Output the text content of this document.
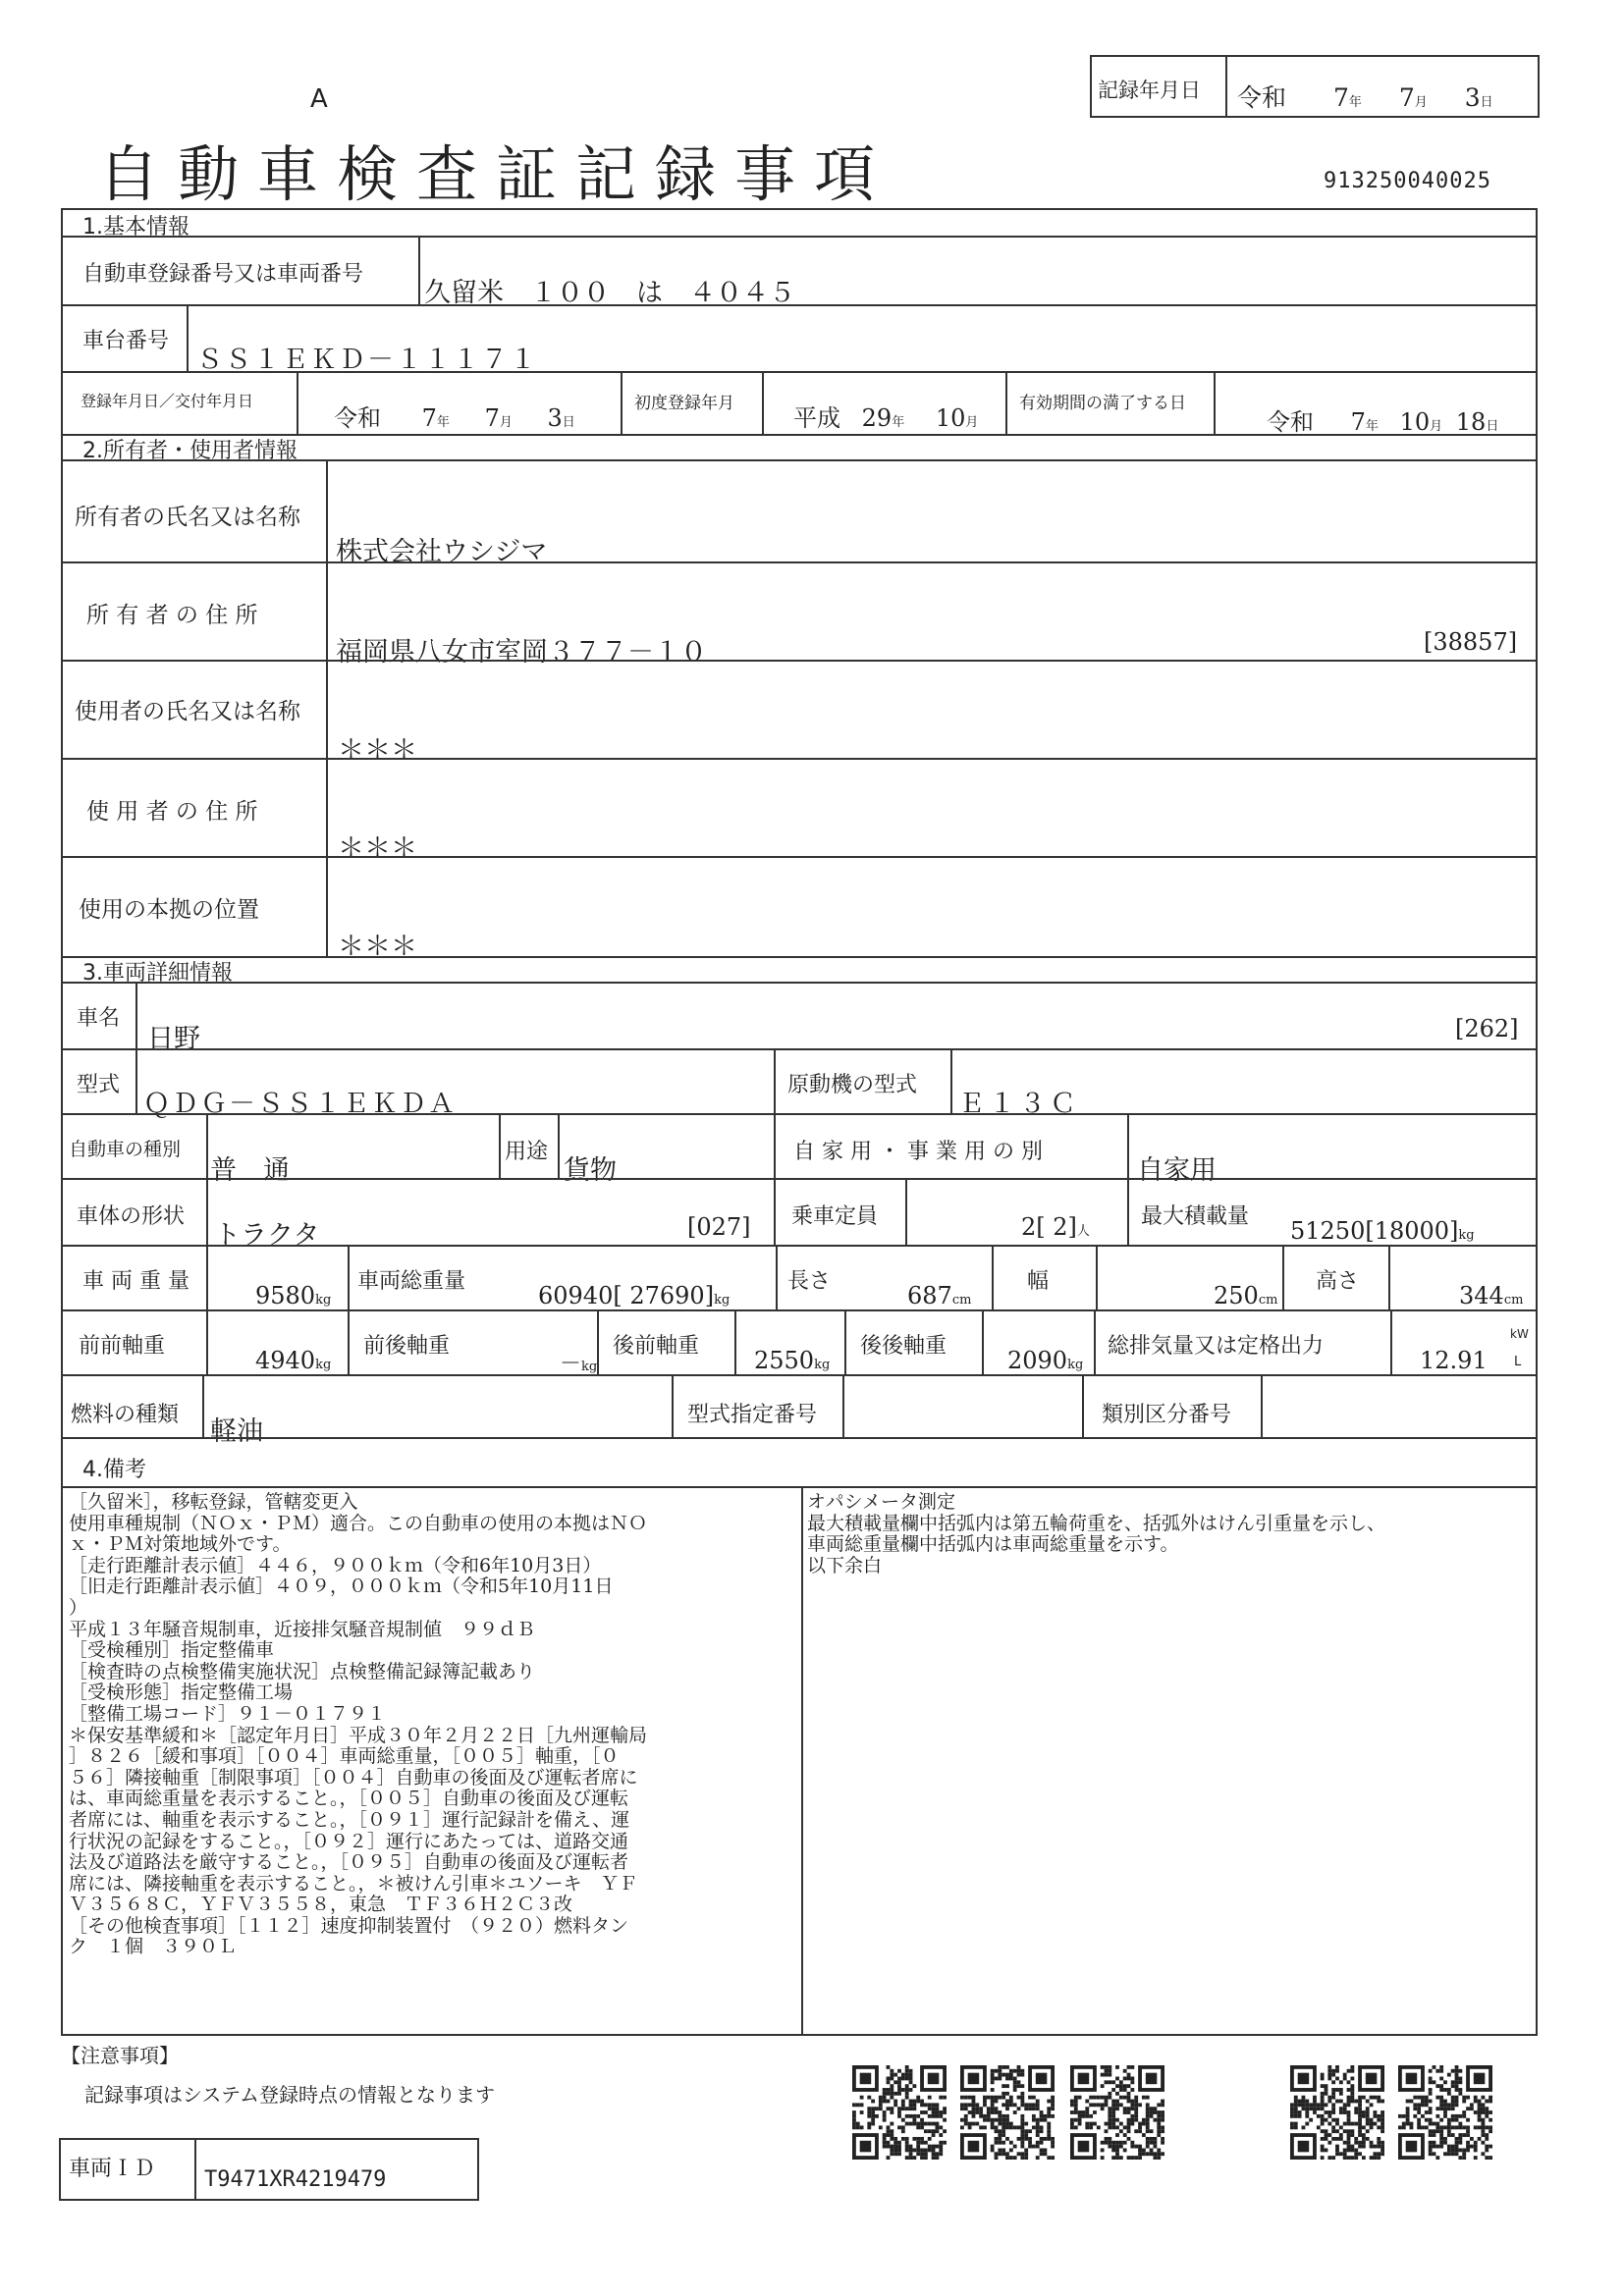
A
自動車検査証記録事項	913250040025
記録年月日 令和 7年 7月 3日
1.基本情報
自動車登録番号又は車両番号
久留米　１００　は　４０４５
車台番号
ＳＳ１ＥＫＤ－１１１７１
登録年月日／交付年月日
令和 7年 7月 3日
初度登録年月
平成 29年 10月
有効期間の満了する日
令和 7年 10月 18日
2.所有者・使用者情報
所有者の氏名又は名称
株式会社ウシジマ
所 有 者 の 住 所
福岡県八女市室岡３７７－１０	[38857]
使用者の氏名又は名称
＊＊＊
使 用 者 の 住 所
＊＊＊
使用の本拠の位置
＊＊＊
3.車両詳細情報
車名
日野	[262]
型式
ＱＤＧ－ＳＳ１ＥＫＤＡ
原動機の型式
Ｅ１３Ｃ
自動車の種別
普　通
用途
貨物
自 家 用 ・ 事 業 用 の 別
自家用
車体の形状
トラクタ	[027] 乗車定員	2[ 2]人
最大積載量
51250[18000]kg
車 両 重 量
9580kg
車両総重量
60940[ 27690]kg
長さ
687cm
幅
250cm
高さ
344cm
前前軸重
4940kg
前後軸重
－kg
後前軸重
2550kg
後後軸重
2090kg
総排気量又は定格出力
12.91
kW
L
燃料の種類
軽油
型式指定番号	類別区分番号
4.備考
［久留米］，移転登録，管轄変更入
使用車種規制（ＮＯｘ・ＰＭ）適合。この自動車の使用の本拠はＮＯ
ｘ・ＰＭ対策地域外です。
［走行距離計表示値］４４６，９００ｋｍ（令和6年10月3日）
［旧走行距離計表示値］４０９，０００ｋｍ（令和5年10月11日
）
平成１３年騒音規制車，近接排気騒音規制値　９９ｄＢ
［受検種別］指定整備車
［検査時の点検整備実施状況］点検整備記録簿記載あり
［受検形態］指定整備工場
［整備工場コード］９１－０１７９１
＊保安基準緩和＊［認定年月日］平成３０年２月２２日［九州運輸局
］８２６［緩和事項］［００４］車両総重量，［００５］軸重，［０
５６］隣接軸重［制限事項］［００４］自動車の後面及び運転者席に
は、車両総重量を表示すること。，［００５］自動車の後面及び運転
者席には、軸重を表示すること。，［０９１］運行記録計を備え、運
行状況の記録をすること。，［０９２］運行にあたっては、道路交通
法及び道路法を厳守すること。，［０９５］自動車の後面及び運転者
席には、隣接軸重を表示すること。，＊被けん引車＊ユソーキ　ＹＦ
Ｖ３５６８Ｃ，ＹＦＶ３５５８，東急　ＴＦ３６Ｈ２Ｃ３改
［その他検査事項］［１１２］速度抑制装置付　（９２０）燃料タン
ク　１個　３９０Ｌ
オパシメータ測定
最大積載量欄中括弧内は第五輪荷重を、括弧外はけん引重量を示し、
車両総重量欄中括弧内は車両総重量を示す。
以下余白
【注意事項】
記録事項はシステム登録時点の情報となります
車両ＩＤ T9471XR4219479
